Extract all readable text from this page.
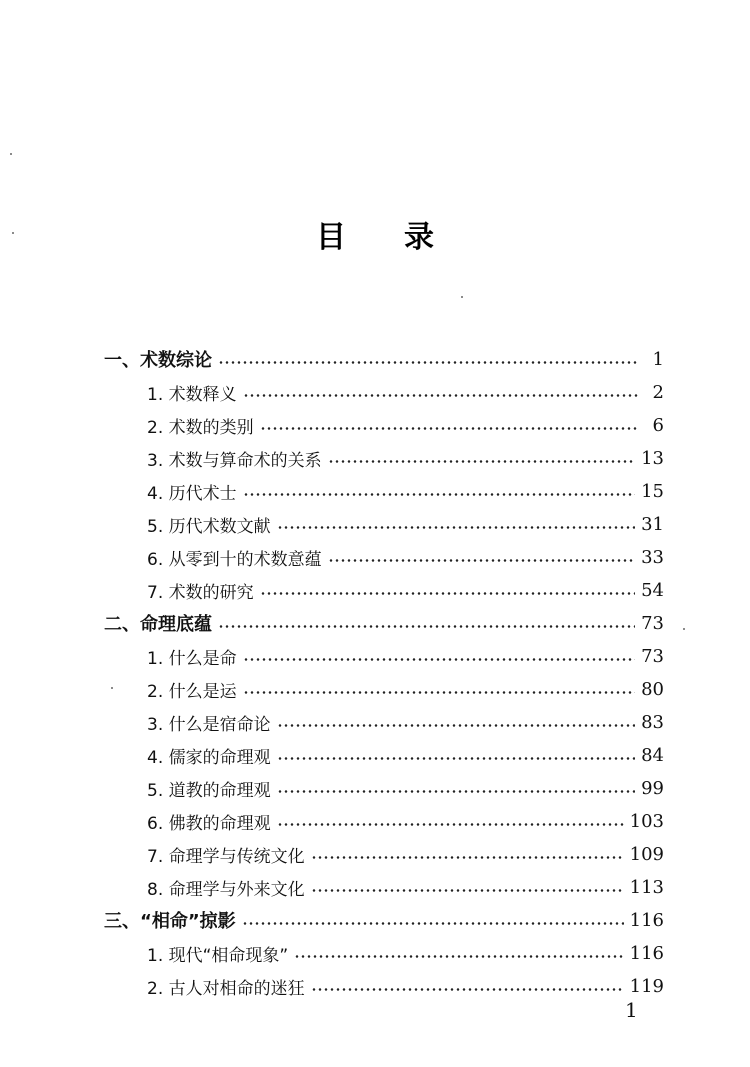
目录
一、术数综论	1
1. 术数释义	2
2. 术数的类别	6
3. 术数与算命术的关系	13
4. 历代术士	15
5. 历代术数文献	31
6. 从零到十的术数意蕴	33
7. 术数的研究	54
二、命理底蕴	73
1. 什么是命	73
2. 什么是运	80
3. 什么是宿命论	83
4. 儒家的命理观	84
5. 道教的命理观	99
6. 佛教的命理观	103
7. 命理学与传统文化	109
8. 命理学与外来文化	113
三、“相命”掠影	116
1. 现代“相命现象”	116
2. 古人对相命的迷狂	119
1
